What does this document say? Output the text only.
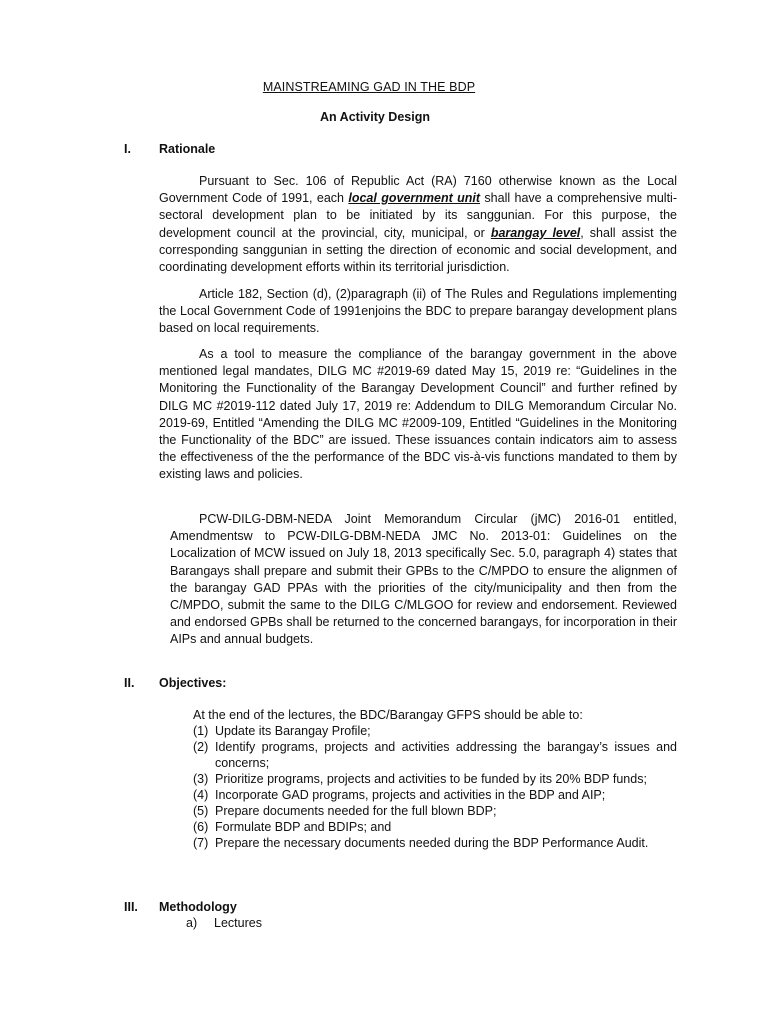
MAINSTREAMING GAD IN THE BDP
An Activity Design
I. Rationale
Pursuant to Sec. 106 of Republic Act (RA) 7160 otherwise known as the Local Government Code of 1991, each local government unit shall have a comprehensive multi-sectoral development plan to be initiated by its sanggunian. For this purpose, the development council at the provincial, city, municipal, or barangay level, shall assist the corresponding sanggunian in setting the direction of economic and social development, and coordinating development efforts within its territorial jurisdiction.
Article 182, Section (d), (2)paragraph (ii) of The Rules and Regulations implementing the Local Government Code of 1991enjoins the BDC to prepare barangay development plans based on local requirements.
As a tool to measure the compliance of the barangay government in the above mentioned legal mandates, DILG MC #2019-69 dated May 15, 2019 re: “Guidelines in the Monitoring the Functionality of the Barangay Development Council” and further refined by DILG MC #2019-112 dated July 17, 2019 re: Addendum to DILG Memorandum Circular No. 2019-69, Entitled “Amending the DILG MC #2009-109, Entitled “Guidelines in the Monitoring the Functionality of the BDC” are issued. These issuances contain indicators aim to assess the effectiveness of the the performance of the BDC vis-à-vis functions mandated to them by existing laws and policies.
PCW-DILG-DBM-NEDA Joint Memorandum Circular (jMC) 2016-01 entitled, Amendmentsw to PCW-DILG-DBM-NEDA JMC No. 2013-01: Guidelines on the Localization of MCW issued on July 18, 2013 specifically Sec. 5.0, paragraph 4) states that Barangays shall prepare and submit their GPBs to the C/MPDO to ensure the alignmen of the barangay GAD PPAs with the priorities of the city/municipality and then from the C/MPDO, submit the same to the DILG C/MLGOO for review and endorsement. Reviewed and endorsed GPBs shall be returned to the concerned barangays, for incorporation in their AIPs and annual budgets.
II. Objectives:
At the end of the lectures, the BDC/Barangay GFPS should be able to:
(1) Update its Barangay Profile;
(2) Identify programs, projects and activities addressing the barangay’s issues and concerns;
(3) Prioritize programs, projects and activities to be funded by its 20% BDP funds;
(4) Incorporate GAD programs, projects and activities in the BDP and AIP;
(5) Prepare documents needed for the full blown BDP;
(6) Formulate BDP and BDIPs; and
(7) Prepare the necessary documents needed during the BDP Performance Audit.
III. Methodology
a) Lectures
